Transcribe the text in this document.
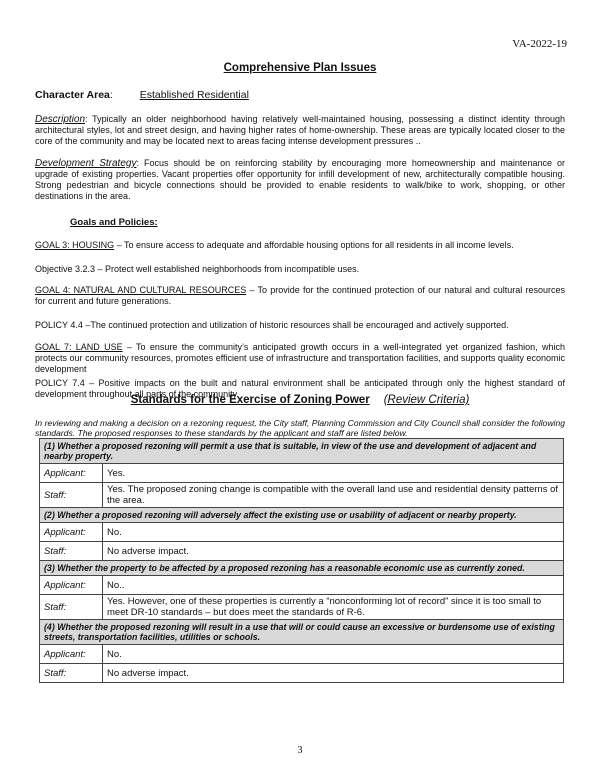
VA-2022-19
Comprehensive Plan Issues
Character Area:	Established Residential
Description: Typically an older neighborhood having relatively well-maintained housing, possessing a distinct identity through architectural styles, lot and street design, and having higher rates of home-ownership. These areas are typically located closer to the core of the community and may be located next to areas facing intense development pressures ..
Development Strategy: Focus should be on reinforcing stability by encouraging more homeownership and maintenance or upgrade of existing properties. Vacant properties offer opportunity for infill development of new, architecturally compatible housing. Strong pedestrian and bicycle connections should be provided to enable residents to walk/bike to work, shopping, or other destinations in the area.
Goals and Policies:
GOAL 3: HOUSING – To ensure access to adequate and affordable housing options for all residents in all income levels.
Objective 3.2.3 – Protect well established neighborhoods from incompatible uses.
GOAL 4: NATURAL AND CULTURAL RESOURCES – To provide for the continued protection of our natural and cultural resources for current and future generations.
POLICY 4.4 –The continued protection and utilization of historic resources shall be encouraged and actively supported.
GOAL 7: LAND USE – To ensure the community’s anticipated growth occurs in a well-integrated yet organized fashion, which protects our community resources, promotes efficient use of infrastructure and transportation facilities, and supports quality economic development
POLICY 7.4 – Positive impacts on the built and natural environment shall be anticipated through only the highest standard of development throughout all parts of the community.
Standards for the Exercise of Zoning Power (Review Criteria)
In reviewing and making a decision on a rezoning request, the City staff, Planning Commission and City Council shall consider the following standards. The proposed responses to these standards by the applicant and staff are listed below.
(1) Whether a proposed rezoning will permit a use that is suitable, in view of the use and development of adjacent and nearby property.	
Applicant:	Yes.
Staff:	Yes. The proposed zoning change is compatible with the overall land use and residential density patterns of the area.
(2) Whether a proposed rezoning will adversely affect the existing use or usability of adjacent or nearby property.	
Applicant:	No.
Staff:	No adverse impact.
(3) Whether the property to be affected by a proposed rezoning has a reasonable economic use as currently zoned.	
Applicant:	No..
Staff:	Yes. However, one of these properties is currently a “nonconforming lot of record” since it is too small to meet DR-10 standards – but does meet the standards of R-6.
(4) Whether the proposed rezoning will result in a use that will or could cause an excessive or burdensome use of existing streets, transportation facilities, utilities or schools.	
Applicant:	No.
Staff:	No adverse impact.
3
